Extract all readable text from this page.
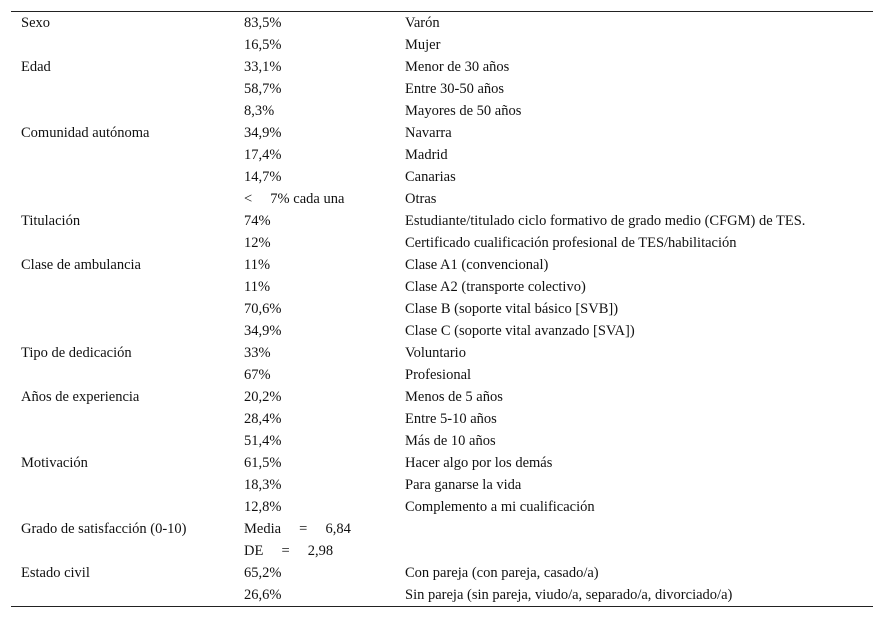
Sexo	83,5%	Varón
	16,5%	Mujer
Edad	33,1%	Menor de 30 años
	58,7%	Entre 30-50 años
	8,3%	Mayores de 50 años
Comunidad autónoma	34,9%	Navarra
	17,4%	Madrid
	14,7%	Canarias
	<     7% cada una	Otras
Titulación	74%	Estudiante/titulado ciclo formativo de grado medio (CFGM) de TES.
	12%	Certificado cualificación profesional de TES/habilitación
Clase de ambulancia	11%	Clase A1 (convencional)
	11%	Clase A2 (transporte colectivo)
	70,6%	Clase B (soporte vital básico [SVB])
	34,9%	Clase C (soporte vital avanzado [SVA])
Tipo de dedicación	33%	Voluntario
	67%	Profesional
Años de experiencia	20,2%	Menos de 5 años
	28,4%	Entre 5-10 años
	51,4%	Más de 10 años
Motivación	61,5%	Hacer algo por los demás
	18,3%	Para ganarse la vida
	12,8%	Complemento a mi cualificación
Grado de satisfacción (0-10)	Media     =     6,84	
	DE     =     2,98	
Estado civil	65,2%	Con pareja (con pareja, casado/a)
	26,6%	Sin pareja (sin pareja, viudo/a, separado/a, divorciado/a)
